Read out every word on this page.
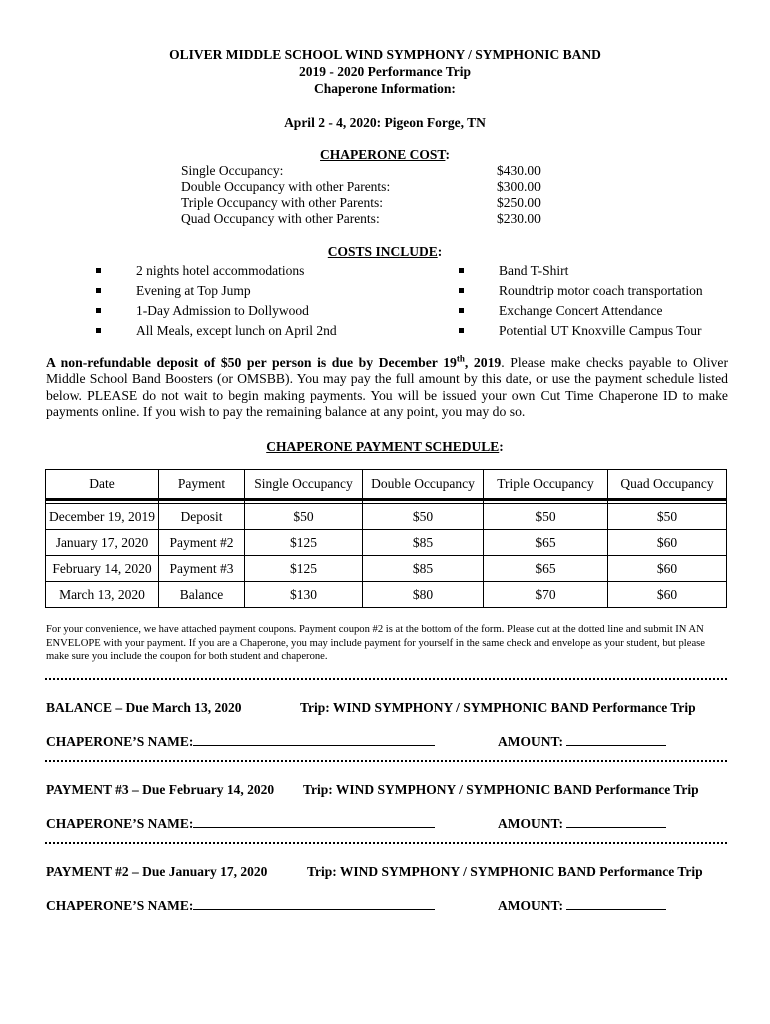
OLIVER MIDDLE SCHOOL WIND SYMPHONY / SYMPHONIC BAND
2019 - 2020 Performance Trip
Chaperone Information:
April 2 - 4, 2020: Pigeon Forge, TN
CHAPERONE COST:
Single Occupancy:	$430.00
Double Occupancy with other Parents:	$300.00
Triple Occupancy with other Parents:	$250.00
Quad Occupancy with other Parents:	$230.00
COSTS INCLUDE:
2 nights hotel accommodations
Evening at Top Jump
1-Day Admission to Dollywood
All Meals, except lunch on April 2nd
Band T-Shirt
Roundtrip motor coach transportation
Exchange Concert Attendance
Potential UT Knoxville Campus Tour
A non-refundable deposit of $50 per person is due by December 19th, 2019. Please make checks payable to Oliver Middle School Band Boosters (or OMSBB). You may pay the full amount by this date, or use the payment schedule listed below. PLEASE do not wait to begin making payments. You will be issued your own Cut Time Chaperone ID to make payments online. If you wish to pay the remaining balance at any point, you may do so.
CHAPERONE PAYMENT SCHEDULE:
Date	Payment	Single Occupancy	Double Occupancy	Triple Occupancy	Quad Occupancy

December 19, 2019	Deposit	$50	$50	$50	$50
January 17, 2020	Payment #2	$125	$85	$65	$60
February 14, 2020	Payment #3	$125	$85	$65	$60
March 13, 2020	Balance	$130	$80	$70	$60
For your convenience, we have attached payment coupons. Payment coupon #2 is at the bottom of the form. Please cut at the dotted line and submit IN AN ENVELOPE with your payment. If you are a Chaperone, you may include payment for yourself in the same check and envelope as your student, but please make sure you include the coupon for both student and chaperone.
BALANCE – Due March 13, 2020	Trip: WIND SYMPHONY / SYMPHONIC BAND Performance Trip
CHAPERONE’S NAME:	AMOUNT:
PAYMENT #3 – Due February 14, 2020 Trip: WIND SYMPHONY / SYMPHONIC BAND Performance Trip
CHAPERONE’S NAME:	AMOUNT:
PAYMENT #2 – Due January 17, 2020	Trip: WIND SYMPHONY / SYMPHONIC BAND Performance Trip
CHAPERONE’S NAME:	AMOUNT:
